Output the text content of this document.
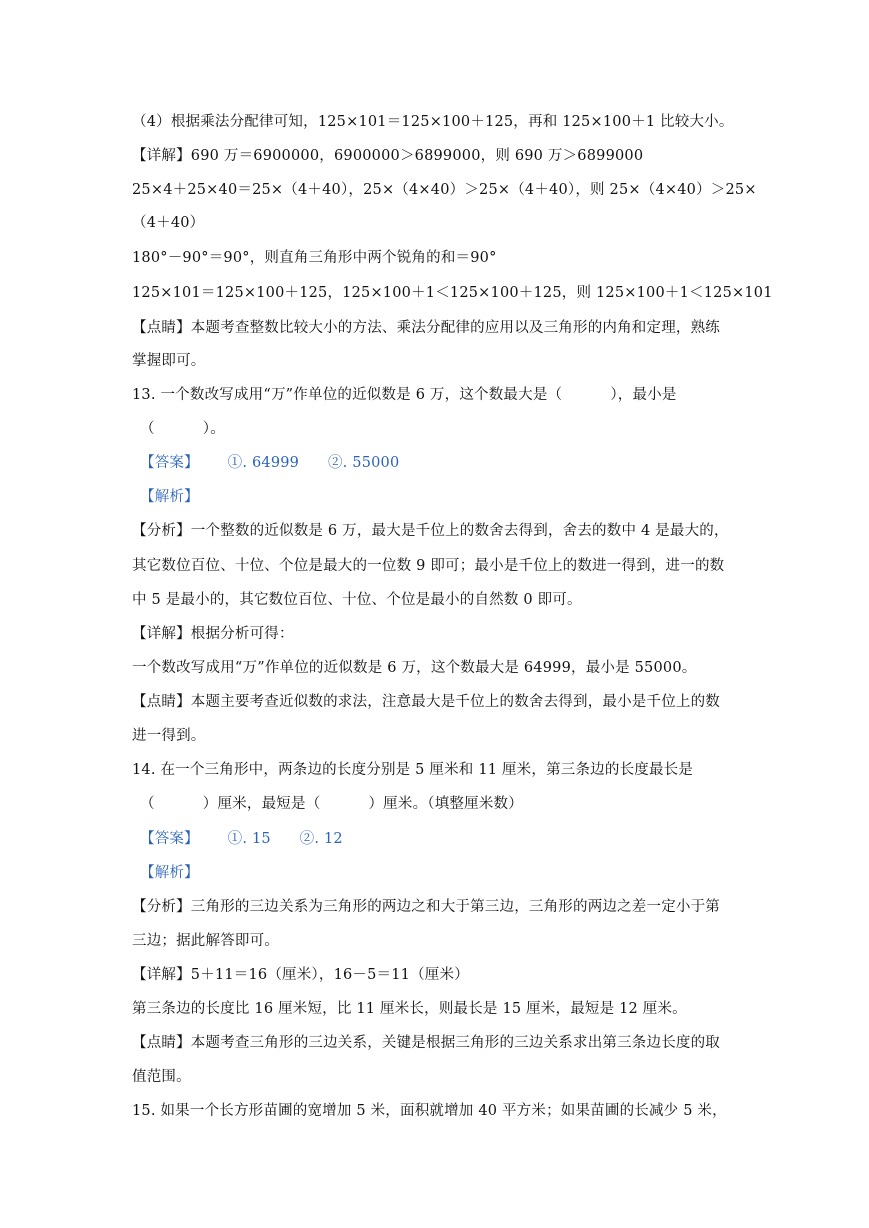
（4）根据乘法分配律可知，125×101＝125×100＋125，再和 125×100＋1 比较大小。
【详解】690 万＝6900000，6900000＞6899000，则 690 万＞6899000
25×4＋25×40＝25×（4＋40），25×（4×40）＞25×（4＋40），则 25×（4×40）＞25×
（4＋40）
180°－90°＝90°，则直角三角形中两个锐角的和＝90°
125×101＝125×100＋125，125×100＋1＜125×100＋125，则 125×100＋1＜125×101
【点睛】本题考查整数比较大小的方法、乘法分配律的应用以及三角形的内角和定理，熟练
掌握即可。
13. 一个数改写成用“万”作单位的近似数是 6 万，这个数最大是（          ），最小是
（          ）。
【答案】      ①. 64999      ②. 55000
【解析】
【分析】一个整数的近似数是 6 万，最大是千位上的数舍去得到，舍去的数中 4 是最大的，
其它数位百位、十位、个位是最大的一位数 9 即可；最小是千位上的数进一得到，进一的数
中 5 是最小的，其它数位百位、十位、个位是最小的自然数 0 即可。
【详解】根据分析可得：
一个数改写成用“万”作单位的近似数是 6 万，这个数最大是 64999，最小是 55000。
【点睛】本题主要考查近似数的求法，注意最大是千位上的数舍去得到，最小是千位上的数
进一得到。
14. 在一个三角形中，两条边的长度分别是 5 厘米和 11 厘米，第三条边的长度最长是
（          ）厘米，最短是（          ）厘米。（填整厘米数）
【答案】      ①. 15      ②. 12
【解析】
【分析】三角形的三边关系为三角形的两边之和大于第三边，三角形的两边之差一定小于第
三边；据此解答即可。
【详解】5＋11＝16（厘米），16－5＝11（厘米）
第三条边的长度比 16 厘米短，比 11 厘米长，则最长是 15 厘米，最短是 12 厘米。
【点睛】本题考查三角形的三边关系，关键是根据三角形的三边关系求出第三条边长度的取
值范围。
15. 如果一个长方形苗圃的宽增加 5 米，面积就增加 40 平方米；如果苗圃的长减少 5 米，
